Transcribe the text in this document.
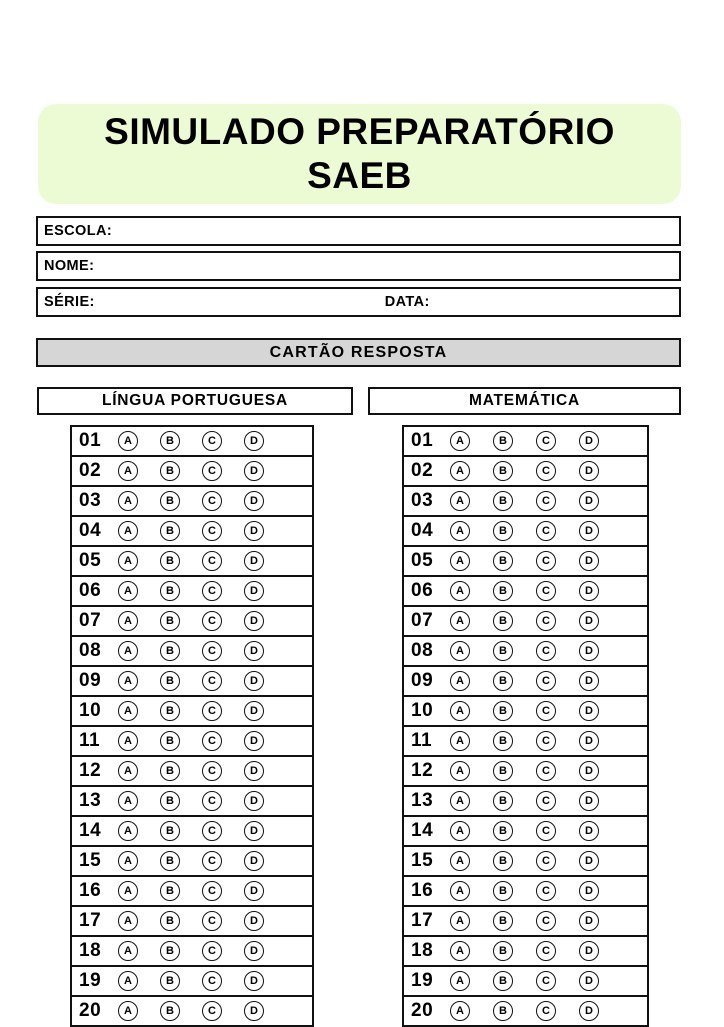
SIMULADO PREPARATÓRIO
SAEB
ESCOLA:
NOME:
SÉRIE:	DATA:
CARTÃO RESPOSTA
LÍNGUA PORTUGUESA	MATEMÁTICA
01	A	B	C	D
02	A	B	C	D
03	A	B	C	D
04	A	B	C	D
05	A	B	C	D
06	A	B	C	D
07	A	B	C	D
08	A	B	C	D
09	A	B	C	D
10	A	B	C	D
11	A	B	C	D
12	A	B	C	D
13	A	B	C	D
14	A	B	C	D
15	A	B	C	D
16	A	B	C	D
17	A	B	C	D
18	A	B	C	D
19	A	B	C	D
20	A	B	C	D
01	A	B	C	D
02	A	B	C	D
03	A	B	C	D
04	A	B	C	D
05	A	B	C	D
06	A	B	C	D
07	A	B	C	D
08	A	B	C	D
09	A	B	C	D
10	A	B	C	D
11	A	B	C	D
12	A	B	C	D
13	A	B	C	D
14	A	B	C	D
15	A	B	C	D
16	A	B	C	D
17	A	B	C	D
18	A	B	C	D
19	A	B	C	D
20	A	B	C	D
